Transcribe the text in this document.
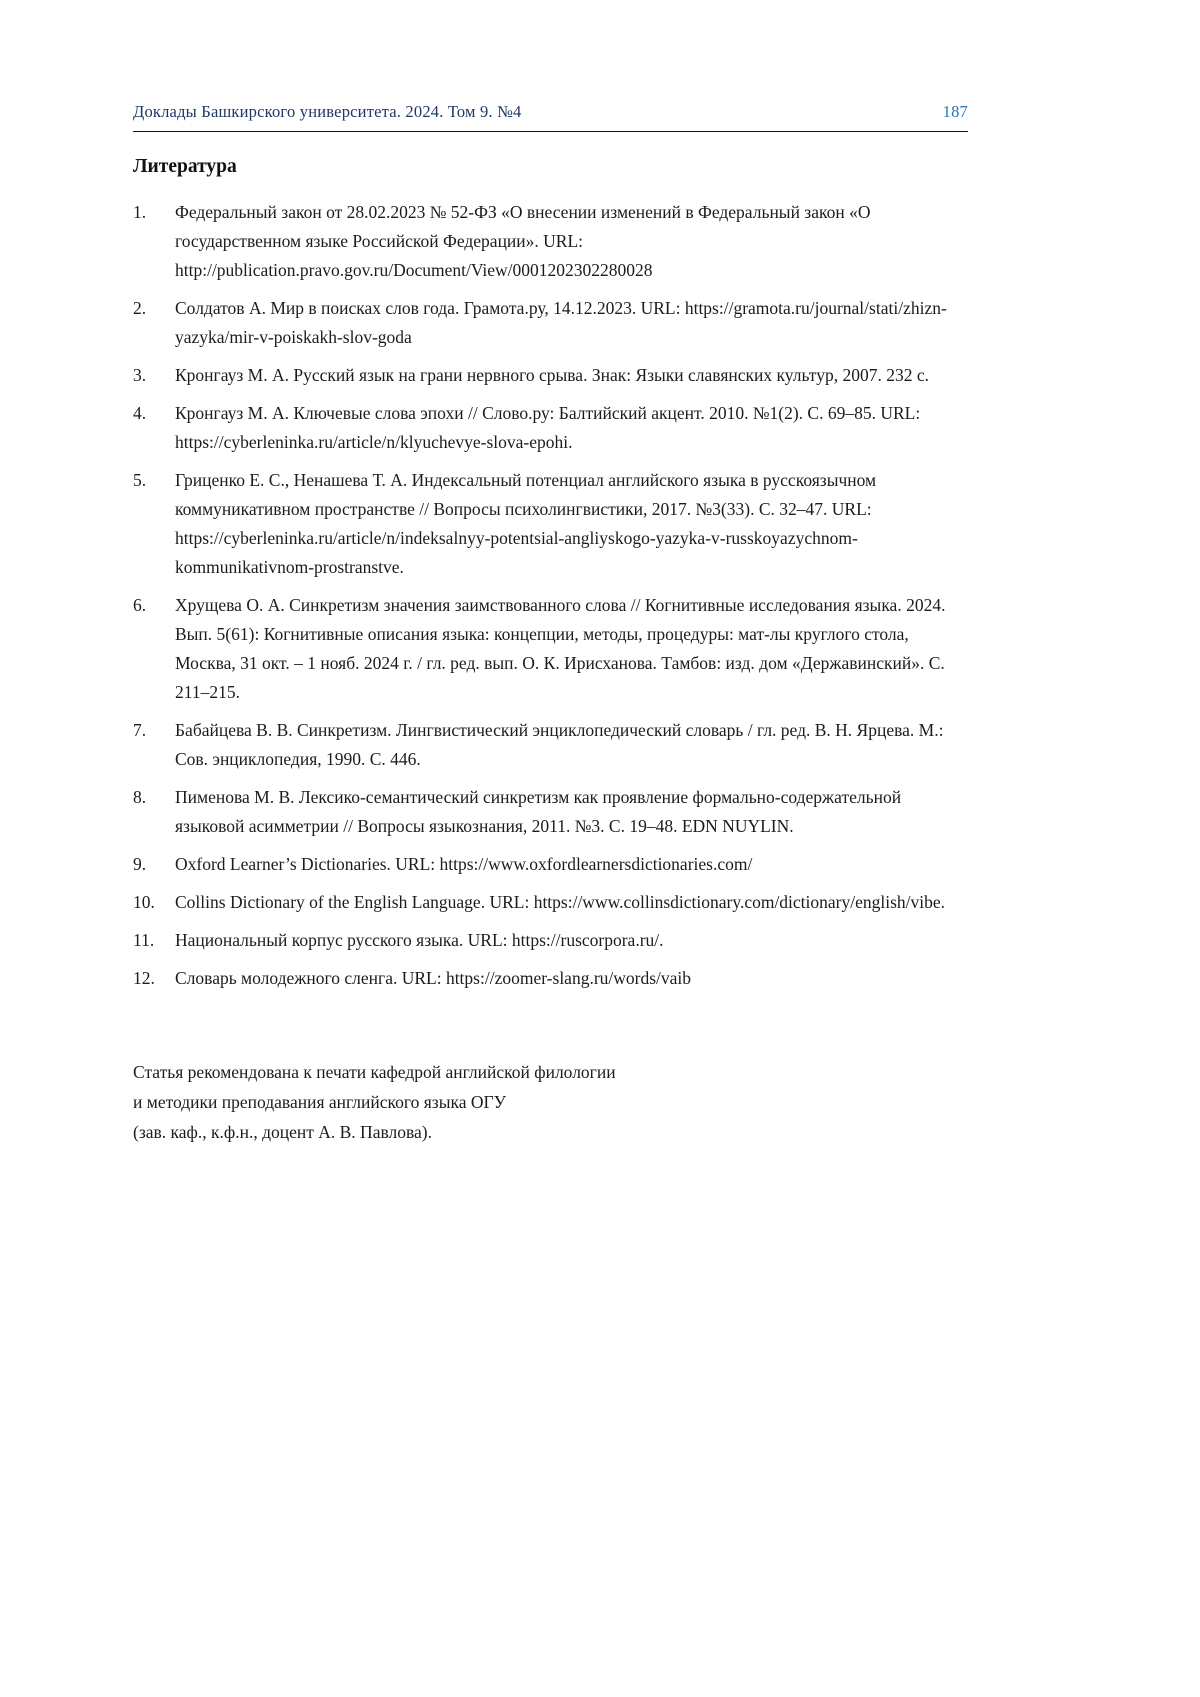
Доклады Башкирского университета. 2024. Том 9. №4	187
Литература
1.	Федеральный закон от 28.02.2023 № 52-ФЗ «О внесении изменений в Федеральный закон «О государственном языке Российской Федерации». URL: http://publication.pravo.gov.ru/Document/View/0001202302280028
2.	Солдатов А. Мир в поисках слов года. Грамота.ру, 14.12.2023. URL: https://gramota.ru/journal/stati/zhizn-yazyka/mir-v-poiskakh-slov-goda
3.	Кронгауз М. А. Русский язык на грани нервного срыва. Знак: Языки славянских культур, 2007. 232 с.
4.	Кронгауз М. А. Ключевые слова эпохи // Слово.ру: Балтийский акцент. 2010. №1(2). С. 69–85. URL: https://cyberleninka.ru/article/n/klyuchevye-slova-epohi.
5.	Гриценко Е. С., Ненашева Т. А. Индексальный потенциал английского языка в русскоязычном коммуникативном пространстве // Вопросы психолингвистики, 2017. №3(33). С. 32–47. URL: https://cyberleninka.ru/article/n/indeksalnyy-potentsial-angliyskogo-yazyka-v-russkoyazychnom-kommunikativnom-prostranstve.
6.	Хрущева О. А. Синкретизм значения заимствованного слова // Когнитивные исследования языка. 2024. Вып. 5(61): Когнитивные описания языка: концепции, методы, процедуры: мат-лы круглого стола, Москва, 31 окт. – 1 нояб. 2024 г. / гл. ред. вып. О. К. Ирисханова. Тамбов: изд. дом «Державинский». С. 211–215.
7.	Бабайцева В. В. Синкретизм. Лингвистический энциклопедический словарь / гл. ред. В. Н. Ярцева. М.: Сов. энциклопедия, 1990. С. 446.
8.	Пименова М. В. Лексико-семантический синкретизм как проявление формально-содержательной языковой асимметрии // Вопросы языкознания, 2011. №3. С. 19–48. EDN NUYLIN.
9.	Oxford Learner’s Dictionaries. URL: https://www.oxfordlearnersdictionaries.com/
10.	Collins Dictionary of the English Language. URL: https://www.collinsdictionary.com/dictionary/english/vibe.
11.	Национальный корпус русского языка. URL: https://ruscorpora.ru/.
12.	Словарь молодежного сленга. URL: https://zoomer-slang.ru/words/vaib

Статья рекомендована к печати кафедрой английской филологии

и методики преподавания английского языка ОГУ

(зав. каф., к.ф.н., доцент А. В. Павлова).
